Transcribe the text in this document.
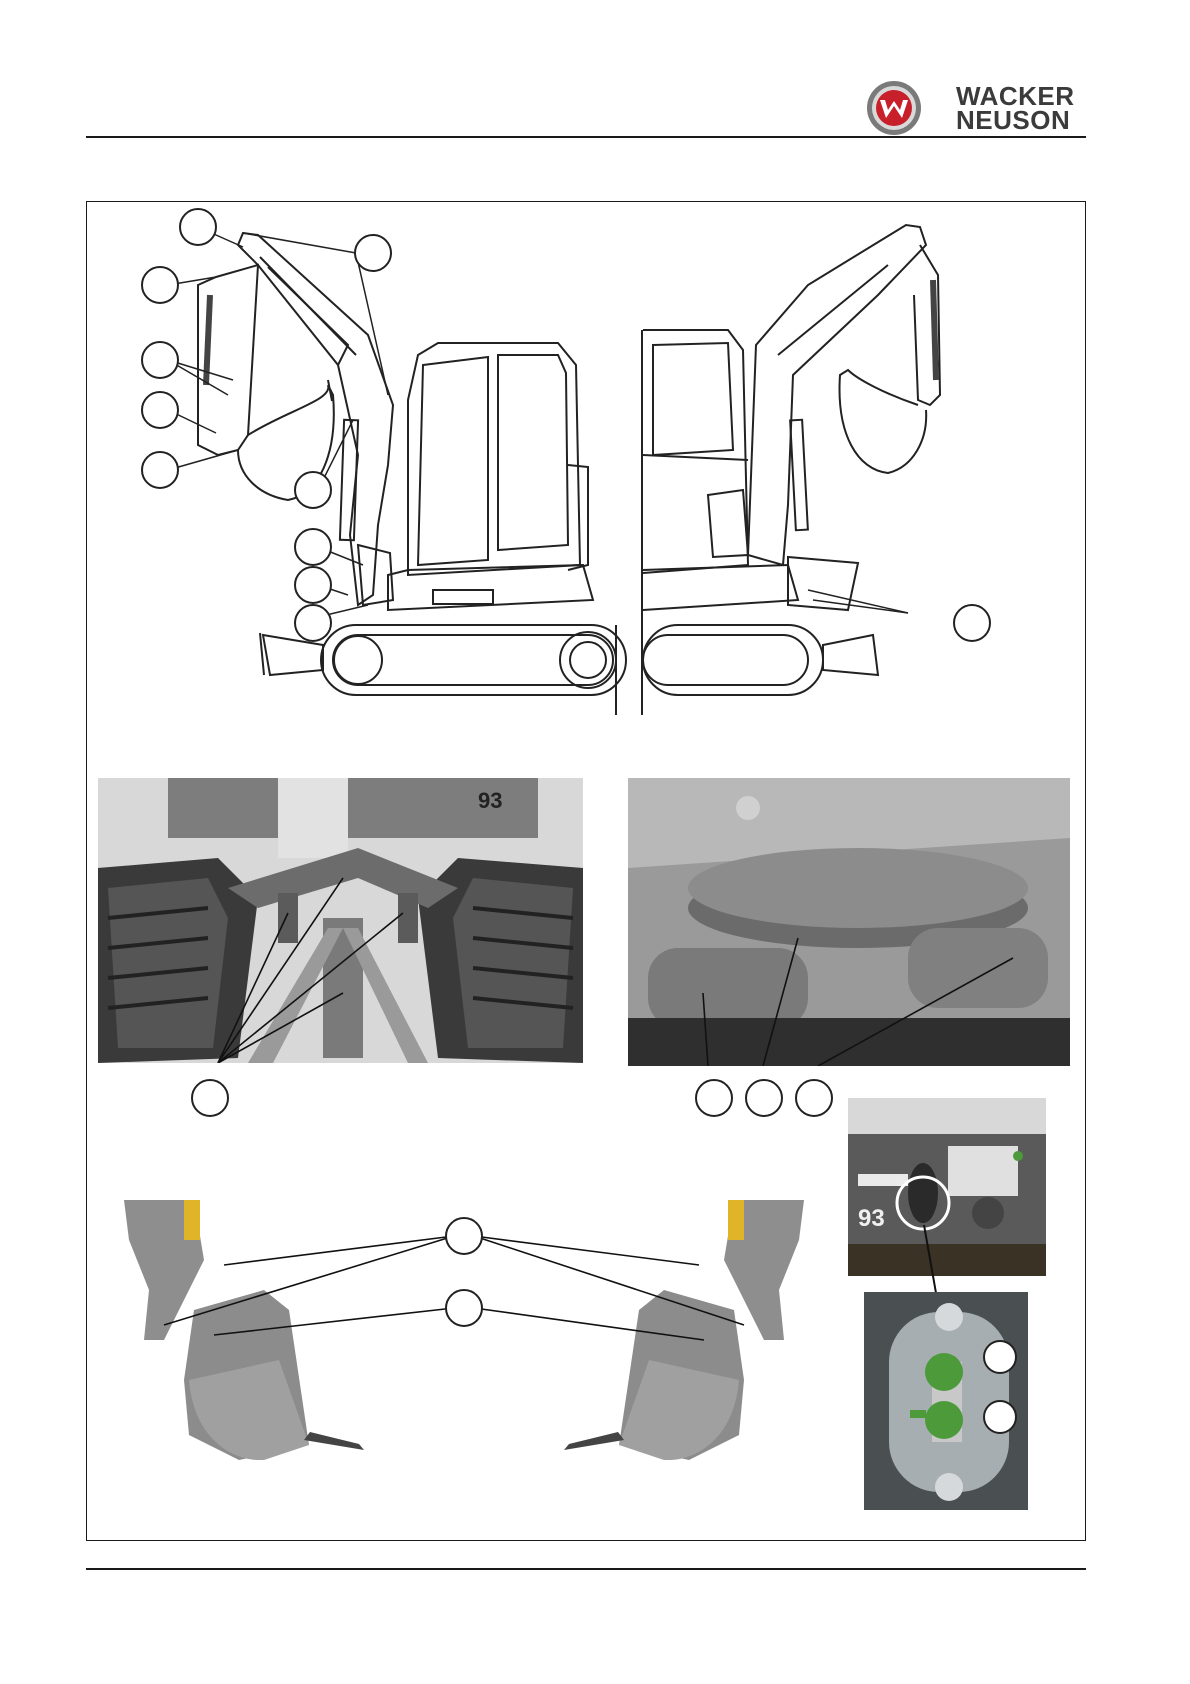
WACKER
NEUSON
93
93
